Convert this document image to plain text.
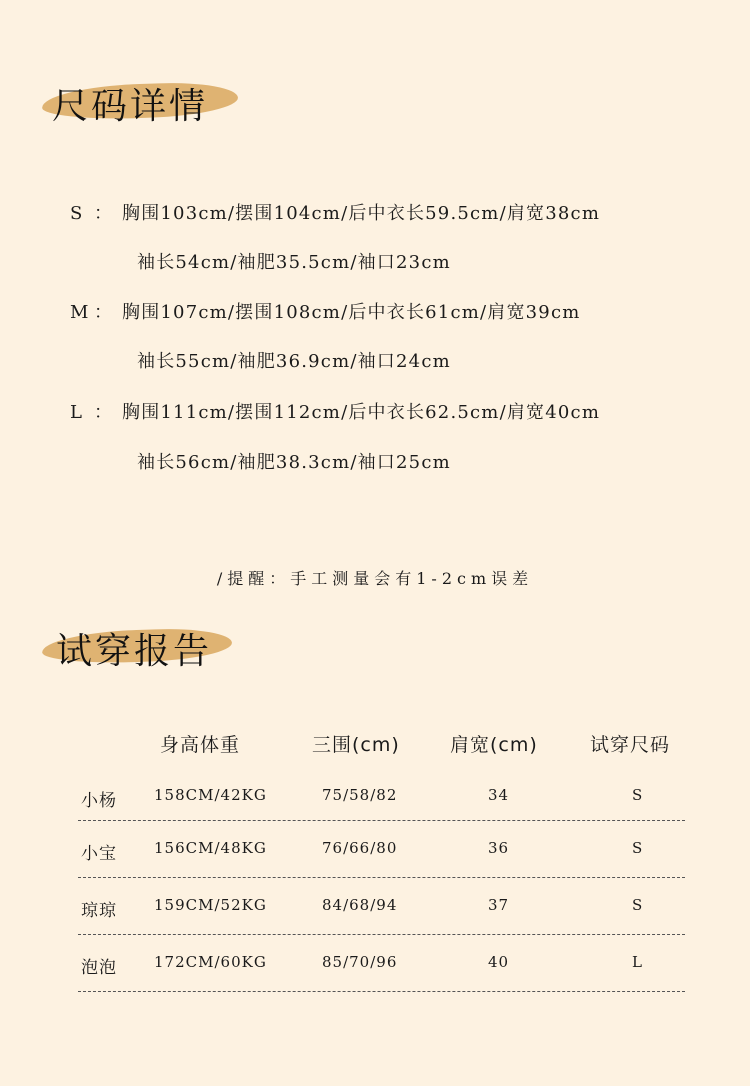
尺码详情
S ： 胸围103cm/摆围104cm/后中衣长59.5cm/肩宽38cm
袖长54cm/袖肥35.5cm/袖口23cm
M ： 胸围107cm/摆围108cm/后中衣长61cm/肩宽39cm
袖长55cm/袖肥36.9cm/袖口24cm
L ： 胸围111cm/摆围112cm/后中衣长62.5cm/肩宽40cm
袖长56cm/袖肥38.3cm/袖口25cm
/提醒：手工测量会有1-2cm误差
试穿报告
身高体重	三围(cm)	肩宽(cm)	试穿尺码
小杨 158CM/42KG	75/58/82	34	S
小宝 156CM/48KG	76/66/80	36	S
琼琼 159CM/52KG	84/68/94	37	S
泡泡 172CM/60KG	85/70/96	40	L
